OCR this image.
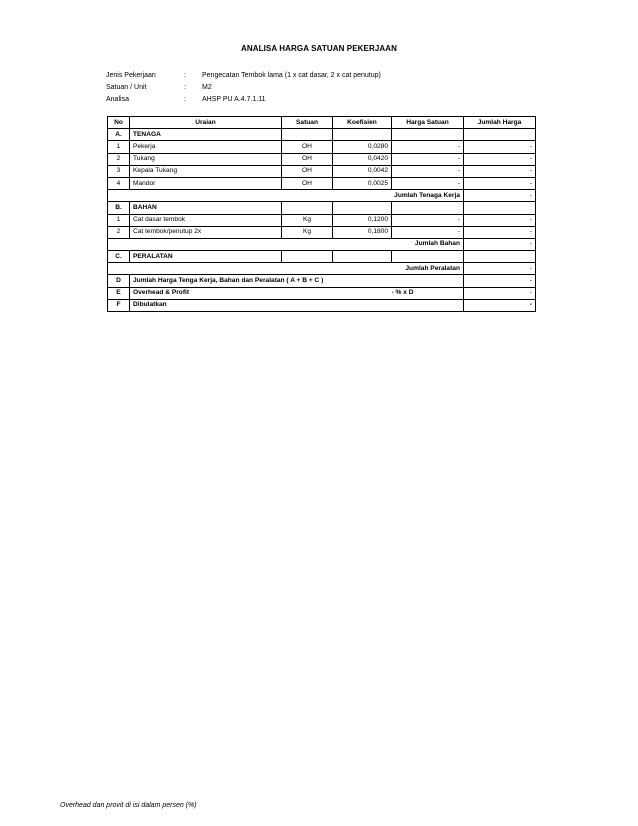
ANALISA HARGA SATUAN PEKERJAAN
Jenis Pekerjaan	:	Pengecatan Tembok lama (1 x cat dasar, 2 x cat penutup)
Satuan / Unit	:	M2
Analisa	:	AHSP PU A.4.7.1.11
No	Uraian	Satuan	Koefisien	Harga Satuan	Jumlah Harga
A.	TENAGA				
1	Pekerja	OH	0,0280	-	-
2	Tukang	OH	0,0420	-	-
3	Kepala Tukang	OH	0,0042	-	-
4	Mandor	OH	0,0025	-	-
Jumlah Tenaga Kerja					-
B.	BAHAN				
1	Cat dasar tembok	Kg	0,1200	-	-
2	Cat tembok/penutup 2x	Kg	0,1800	-	-
Jumlah Bahan					-
C.	PERALATAN				
Jumlah Peralatan					-
D	Jumlah Harga Tenga Kerja, Bahan dan Peralatan ( A + B + C )				-
E	Overhead & Profit			- % x D	-
F	Dibulatkan				-
Overhead dan provit di isi dalam persen (%)
